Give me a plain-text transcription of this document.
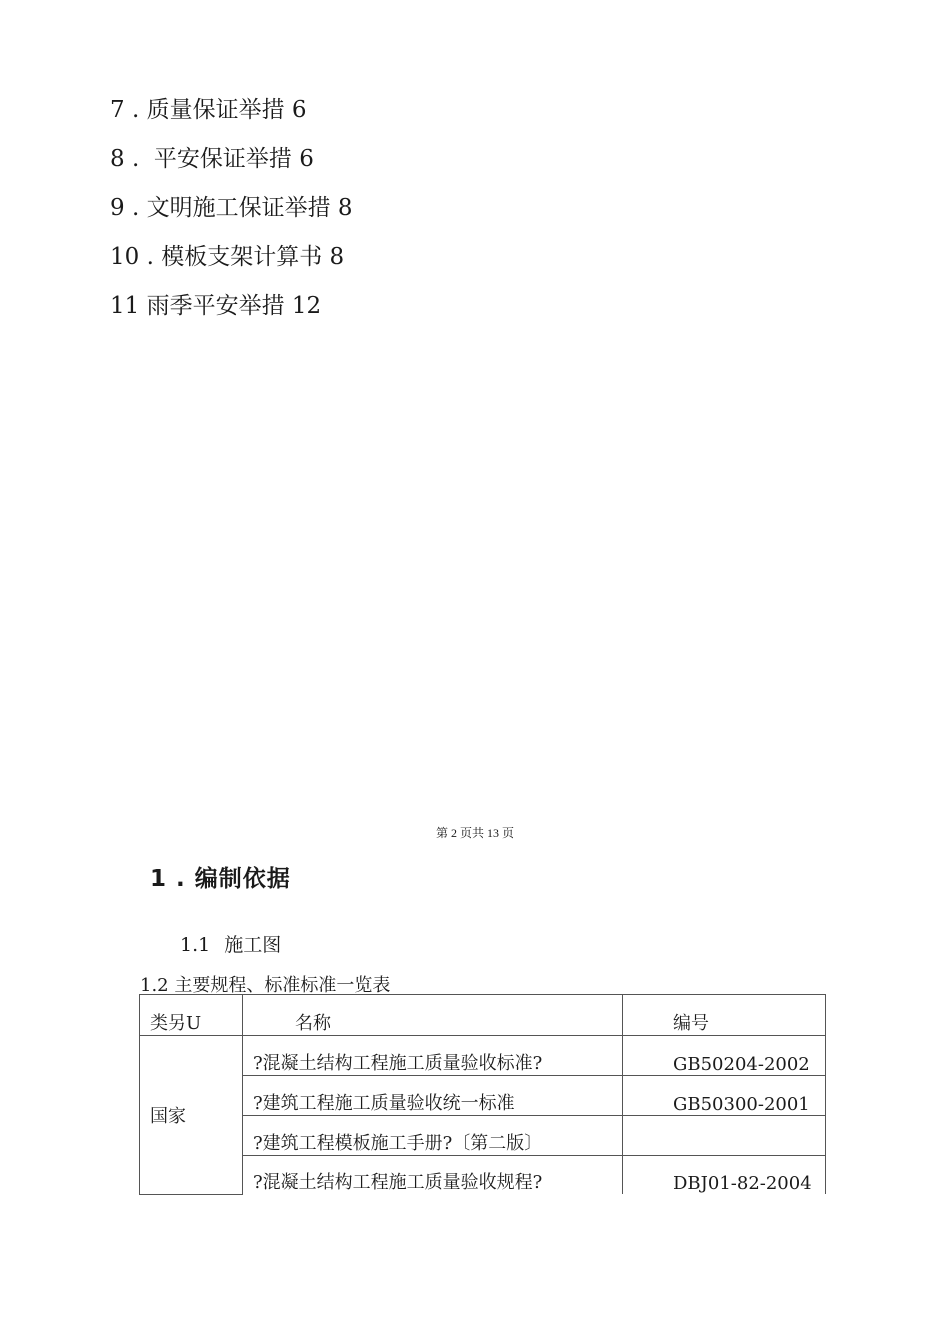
7 . 质量保证举措 6
8 .  平安保证举措 6
9 . 文明施工保证举措 8
10 . 模板支架计算书 8
11 雨季平安举措 12
第 2 页共 13 页
1 . 编制依据
1.1 施工图
1.2 主要规程、标准标准一览表
类另U	名称	编号
国家	?混凝土结构工程施工质量验收标准?	GB50204-2002
	?建筑工程施工质量验收统一标准	GB50300-2001
	?建筑工程模板施工手册?〔第二版〕	
	?混凝土结构工程施工质量验收规程?	DBJ01-82-2004
